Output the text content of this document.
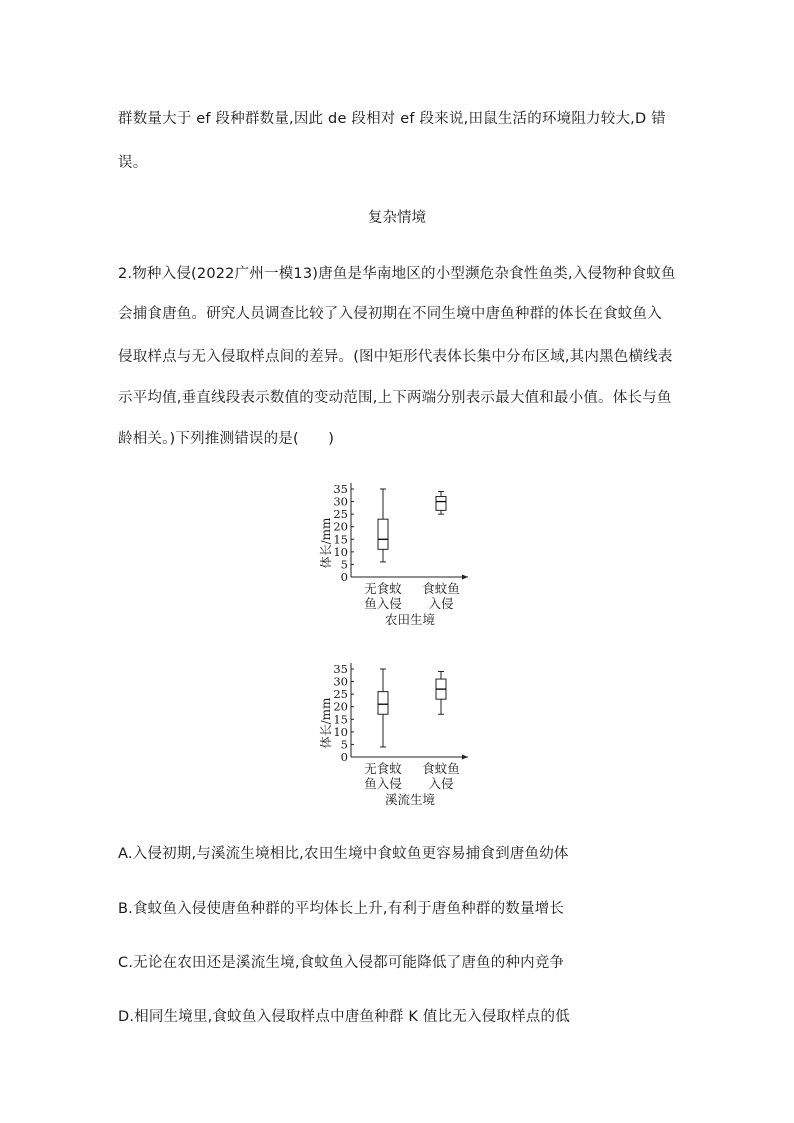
群数量大于 ef 段种群数量,因此 de 段相对 ef 段来说,田鼠生活的环境阻力较大,D 错
误。
复杂情境
2.物种入侵(2022广州一模13)唐鱼是华南地区的小型濒危杂食性鱼类,入侵物种食蚊鱼
会捕食唐鱼。研究人员调查比较了入侵初期在不同生境中唐鱼种群的体长在食蚊鱼入
侵取样点与无入侵取样点间的差异。(图中矩形代表体长集中分布区域,其内黑色横线表
示平均值,垂直线段表示数值的变动范围,上下两端分别表示最大值和最小值。体长与鱼
龄相关。)下列推测错误的是(　　)
0
5
10
15
20
25
30
35
体长/mm
无食蚊
鱼入侵
食蚊鱼
入侵
农田生境
0
5
10
15
20
25
30
35
体长/mm
无食蚊
鱼入侵
食蚊鱼
入侵
溪流生境
A.入侵初期,与溪流生境相比,农田生境中食蚊鱼更容易捕食到唐鱼幼体
B.食蚊鱼入侵使唐鱼种群的平均体长上升,有利于唐鱼种群的数量增长
C.无论在农田还是溪流生境,食蚊鱼入侵都可能降低了唐鱼的种内竞争
D.相同生境里,食蚊鱼入侵取样点中唐鱼种群 K 值比无入侵取样点的低
